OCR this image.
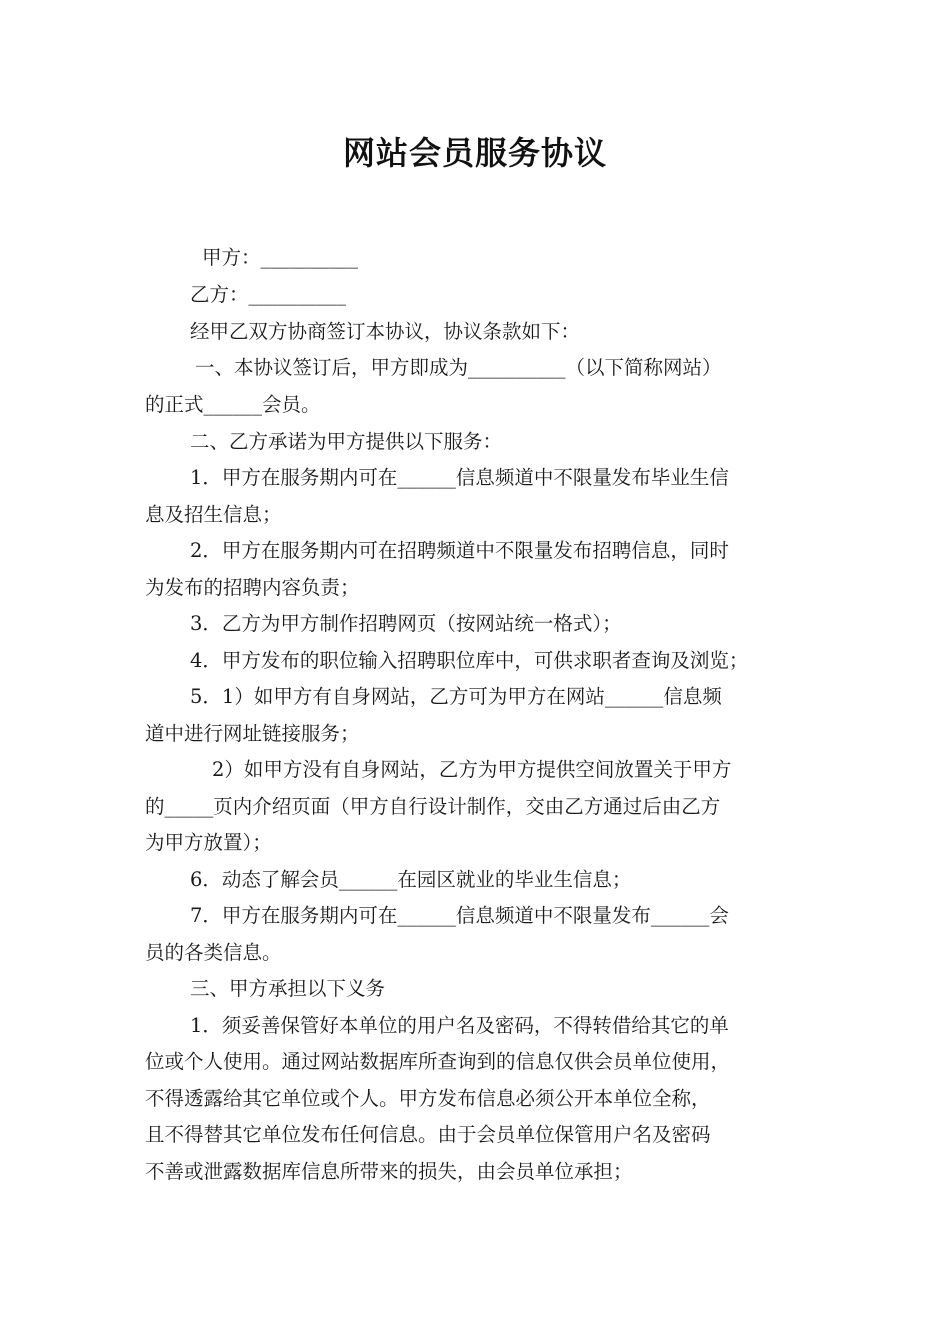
网站会员服务协议
甲方：__________
乙方：__________
经甲乙双方协商签订本协议，协议条款如下：
一、本协议签订后，甲方即成为__________（以下简称网站）
的正式______会员。
二、乙方承诺为甲方提供以下服务：
1．甲方在服务期内可在______信息频道中不限量发布毕业生信
息及招生信息；
2．甲方在服务期内可在招聘频道中不限量发布招聘信息，同时
为发布的招聘内容负责；
3．乙方为甲方制作招聘网页（按网站统一格式）；
4．甲方发布的职位输入招聘职位库中，可供求职者查询及浏览；
5．1）如甲方有自身网站，乙方可为甲方在网站______信息频
道中进行网址链接服务；
2）如甲方没有自身网站，乙方为甲方提供空间放置关于甲方
的_____页内介绍页面（甲方自行设计制作，交由乙方通过后由乙方
为甲方放置）；
6．动态了解会员______在园区就业的毕业生信息；
7．甲方在服务期内可在______信息频道中不限量发布______会
员的各类信息。
三、甲方承担以下义务
1．须妥善保管好本单位的用户名及密码，不得转借给其它的单
位或个人使用。通过网站数据库所查询到的信息仅供会员单位使用，
不得透露给其它单位或个人。甲方发布信息必须公开本单位全称，
且不得替其它单位发布任何信息。由于会员单位保管用户名及密码
不善或泄露数据库信息所带来的损失，由会员单位承担；
